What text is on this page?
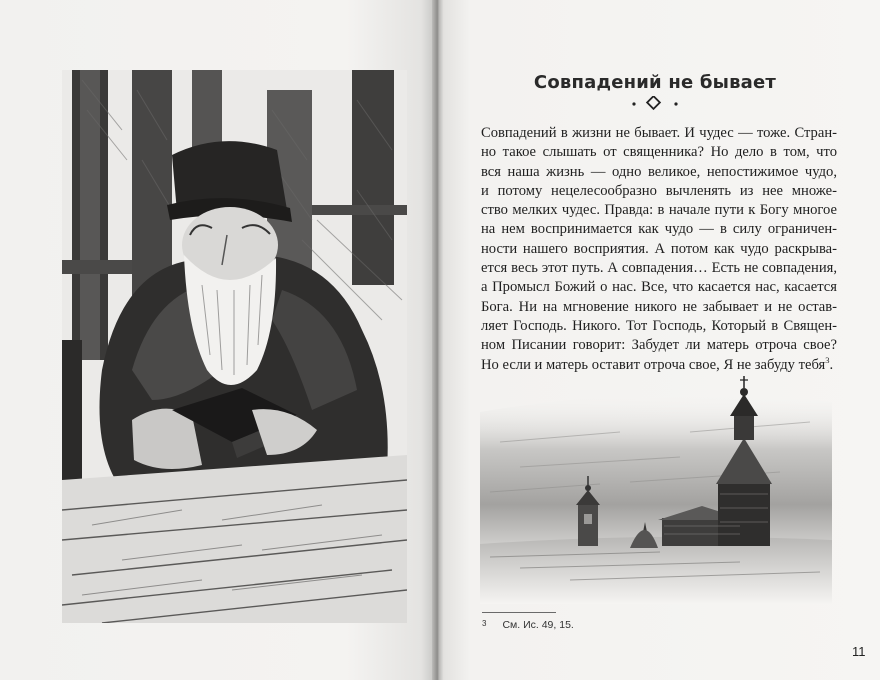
Совпадений не бывает
Совпадений в жизни не бывает. И чудес — тоже. Стран-
но такое слышать от священника? Но дело в том, что
вся наша жизнь — одно великое, непостижимое чудо,
и потому нецелесообразно вычленять из нее множе-
ство мелких чудес. Правда: в начале пути к Богу многое
на нем воспринимается как чудо — в силу ограничен-
ности нашего восприятия. А потом как чудо раскрыва-
ется весь этот путь. А совпадения… Есть не совпадения,
а Промысл Божий о нас. Все, что касается нас, касается
Бога. Ни на мгновение никого не забывает и не остав-
ляет Господь. Никого. Тот Господь, Который в Священ-
ном Писании говорит: Забудет ли матерь отроча свое?
Но если и матерь оставит отроча свое, Я не забуду тебя$^3$.
3 См. Ис. 49, 15.
11
